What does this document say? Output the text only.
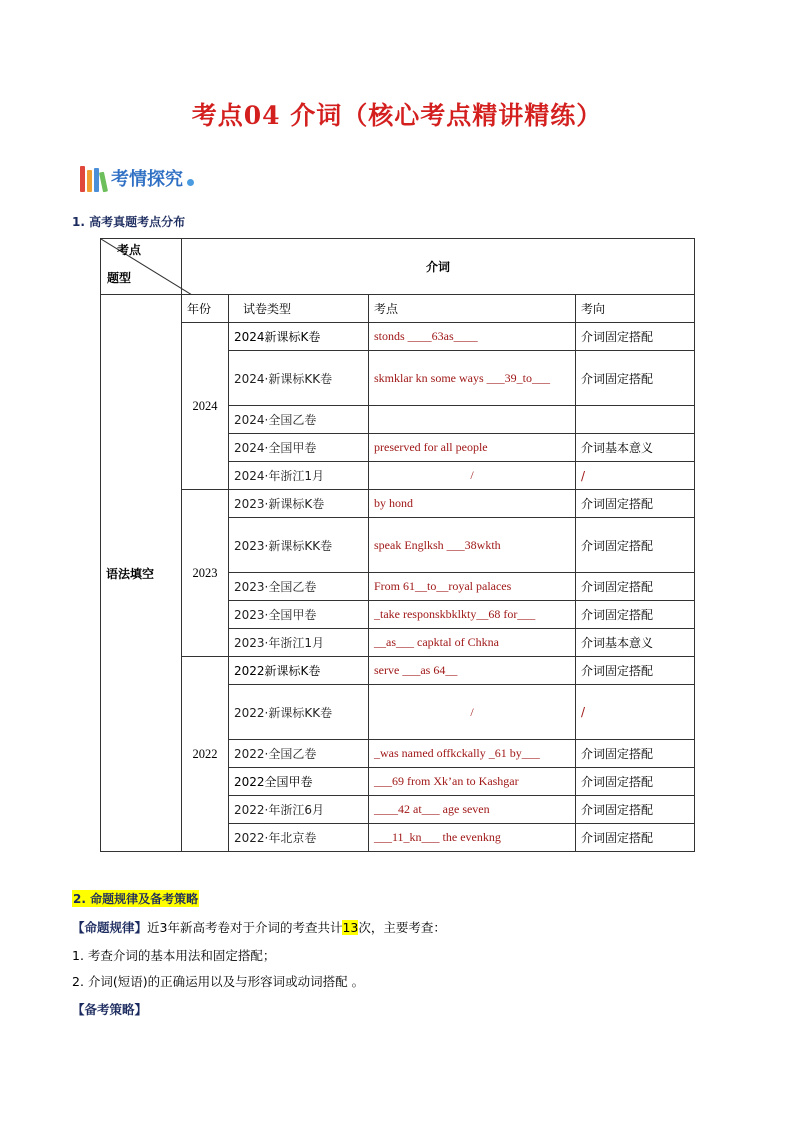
考点04 介词（核心考点精讲精练）
考情探究
1. 高考真题考点分布
考点
题型	介词			
语法填空	年份	试卷类型	考点	考向
	2024	2024新课标K卷	stonds ____63as____	介词固定搭配
		2024·新课标KK卷	skmklar kn some ways ___39_to___	介词固定搭配
		2024·全国乙卷		
		2024·全国甲卷	preserved for all people	介词基本意义
		2024·年浙江1月	/	/
	2023	2023·新课标K卷	by hond	介词固定搭配
		2023·新课标KK卷	speak Englksh ___38wkth	介词固定搭配
		2023·全国乙卷	From 61__to__royal palaces	介词固定搭配
		2023·全国甲卷	_take responskbklkty__68 for___	介词固定搭配
		2023·年浙江1月	__as___ capktal of Chkna	介词基本意义
	2022	2022新课标K卷	serve ___as 64__	介词固定搭配
		2022·新课标KK卷	/	/
		2022·全国乙卷	_was named offkckally _61 by___	介词固定搭配
		2022全国甲卷	___69 from Xk’an to Kashgar	介词固定搭配
		2022·年浙江6月	____42 at___ age seven	介词固定搭配
		2022·年北京卷	___11_kn___ the evenkng	介词固定搭配
2. 命题规律及备考策略
【命题规律】近3年新高考卷对于介词的考查共计13次，主要考查：
1. 考查介词的基本用法和固定搭配；
2. 介词(短语)的正确运用以及与形容词或动词搭配 。
【备考策略】
